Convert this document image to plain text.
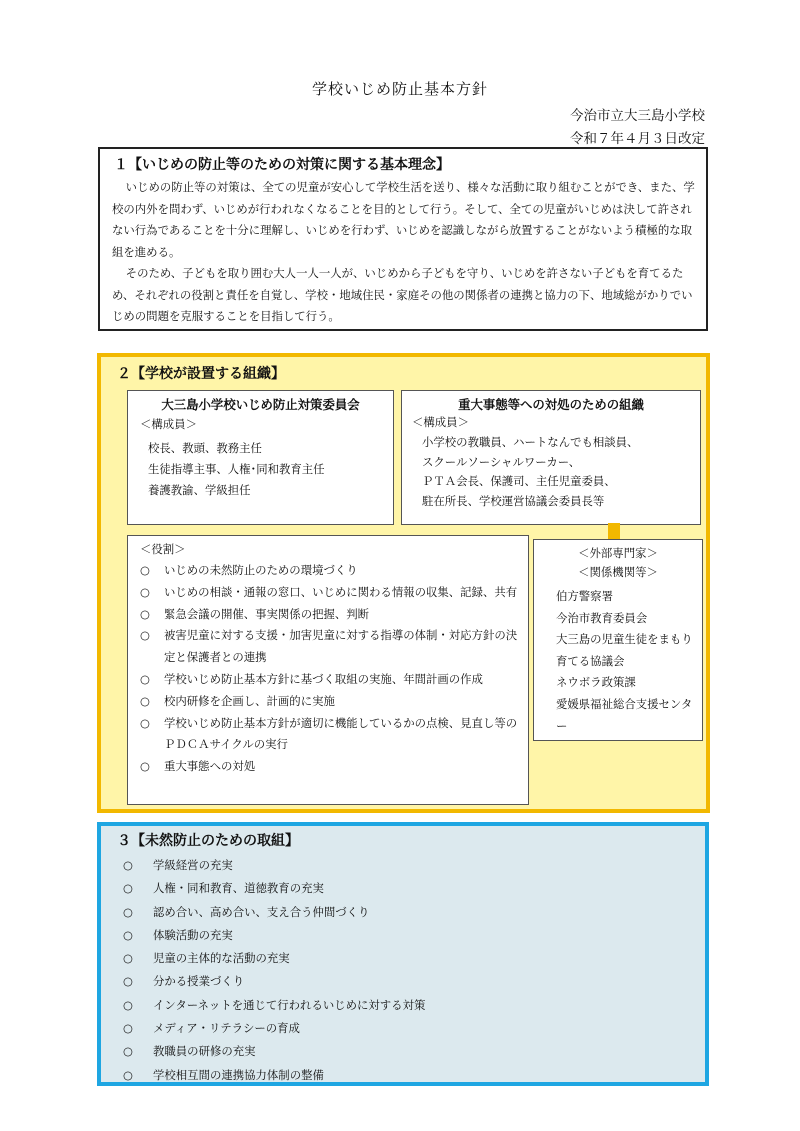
学校いじめ防止基本方針
今治市立大三島小学校
令和７年４月３日改定
１【いじめの防止等のための対策に関する基本理念】
いじめの防止等の対策は、全ての児童が安心して学校生活を送り、様々な活動に取り組むことができ、また、学校の内外を問わず、いじめが行われなくなることを目的として行う。そして、全ての児童がいじめは決して許されない行為であることを十分に理解し、いじめを行わず、いじめを認識しながら放置することがないよう積極的な取組を進める。
そのため、子どもを取り囲む大人一人一人が、いじめから子どもを守り、いじめを許さない子どもを育てるため、それぞれの役割と責任を自覚し、学校・地域住民・家庭その他の関係者の連携と協力の下、地域総がかりでいじめの問題を克服することを目指して行う。
２【学校が設置する組織】
大三島小学校いじめ防止対策委員会
＜構成員＞
校長、教頭、教務主任
生徒指導主事、人権･同和教育主任
養護教諭、学級担任
重大事態等への対処のための組織
＜構成員＞
小学校の教職員、ハートなんでも相談員、
スクールソーシャルワーカー、
ＰＴＡ会長、保護司、主任児童委員、
駐在所長、学校運営協議会委員長等
＜役割＞
○	いじめの未然防止のための環境づくり
○	いじめの相談・通報の窓口、いじめに関わる情報の収集、記録、共有
○	緊急会議の開催、事実関係の把握、判断
○	被害児童に対する支援・加害児童に対する指導の体制・対応方針の決定と保護者との連携
○	学校いじめ防止基本方針に基づく取組の実施、年間計画の作成
○	校内研修を企画し、計画的に実施
○	学校いじめ防止基本方針が適切に機能しているかの点検、見直し等のＰＤＣＡサイクルの実行
○	重大事態への対処
＜外部専門家＞
＜関係機関等＞
伯方警察署
今治市教育委員会
大三島の児童生徒をまもり育てる協議会
ネウボラ政策課
愛媛県福祉総合支援センター
３【未然防止のための取組】
○ 学級経営の充実
○ 人権・同和教育、道徳教育の充実
○ 認め合い、高め合い、支え合う仲間づくり
○ 体験活動の充実
○ 児童の主体的な活動の充実
○ 分かる授業づくり
○ インターネットを通じて行われるいじめに対する対策
○ メディア・リテラシーの育成
○ 教職員の研修の充実
○ 学校相互間の連携協力体制の整備
